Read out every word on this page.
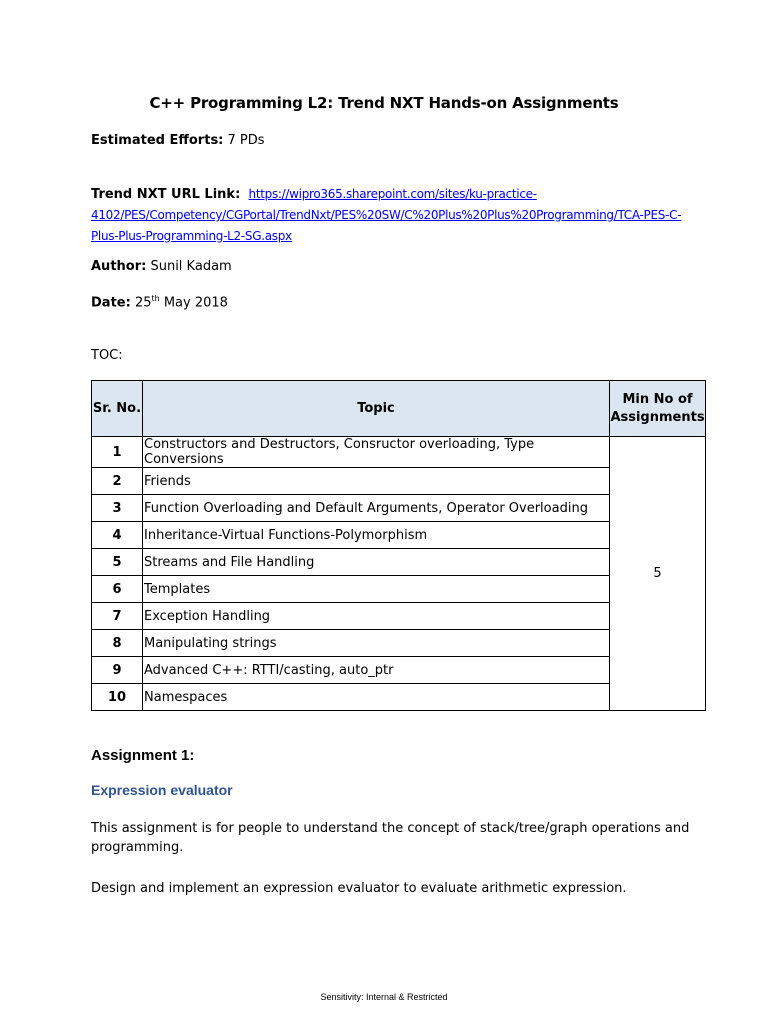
C++ Programming L2: Trend NXT Hands-on Assignments
Estimated Efforts: 7 PDs
Trend NXT URL Link: https://wipro365.sharepoint.com/sites/ku-practice-
4102/PES/Competency/CGPortal/TrendNxt/PES%20SW/C%20Plus%20Plus%20Programming/TCA-PES-C-
Plus-Plus-Programming-L2-SG.aspx
Author: Sunil Kadam
Date: 25th May 2018
TOC:
Sr. No.	Topic	Min No of
Assignments
1	Constructors and Destructors, Consructor overloading, Type Conversions	5
2	Friends	
3	Function Overloading and Default Arguments, Operator Overloading	
4	Inheritance-Virtual Functions-Polymorphism	
5	Streams and File Handling	
6	Templates	
7	Exception Handling	
8	Manipulating strings	
9	Advanced C++: RTTI/casting, auto_ptr	
10	Namespaces	
Assignment 1:
Expression evaluator
This assignment is for people to understand the concept of stack/tree/graph operations and programming.
Design and implement an expression evaluator to evaluate arithmetic expression.
Sensitivity: Internal & Restricted
